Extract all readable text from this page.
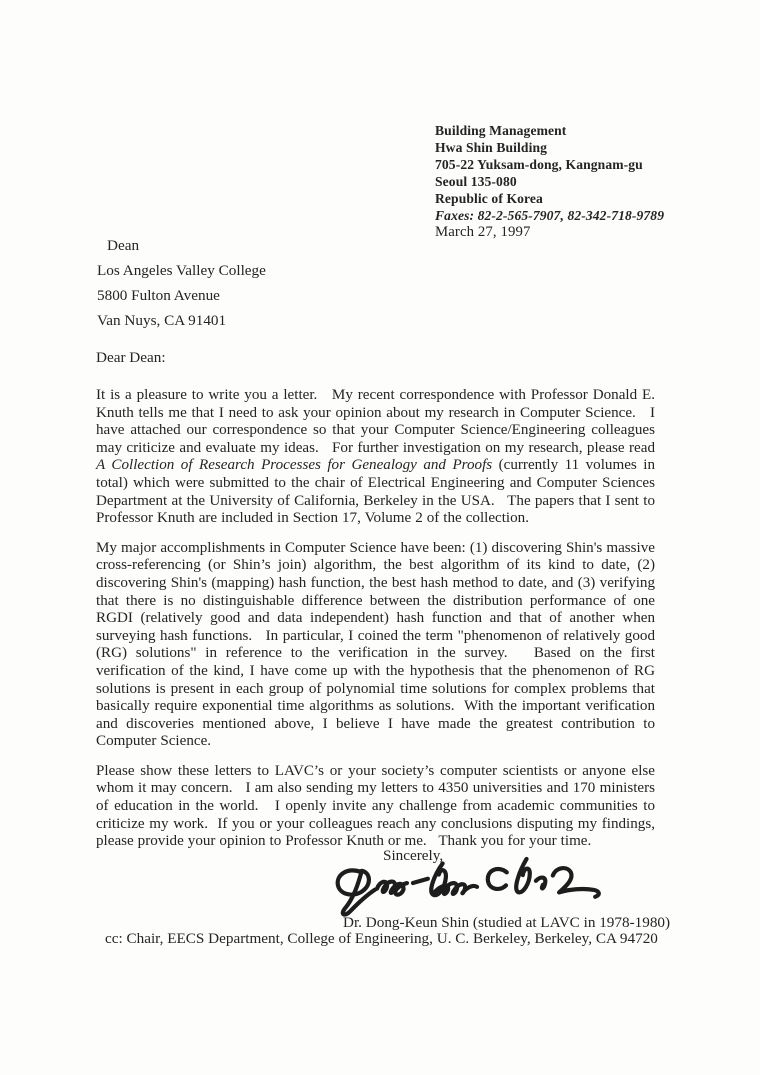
Building Management
Hwa Shin Building
705-22 Yuksam-dong, Kangnam-gu
Seoul 135-080
Republic of Korea
Faxes: 82-2-565-7907, 82-342-718-9789
March 27, 1997
Dean
Los Angeles Valley College
5800 Fulton Avenue
Van Nuys, CA 91401
Dear Dean:

It is a pleasure to write you a letter.   My recent correspondence with Professor Donald E. Knuth tells me that I need to ask your opinion about my research in Computer Science.   I have attached our correspondence so that your Computer Science/Engineering colleagues may criticize and evaluate my ideas.   For further investigation on my research, please read A Collection of Research Processes for Genealogy and Proofs (currently 11 volumes in total) which were submitted to the chair of Electrical Engineering and Computer Sciences Department at the University of California, Berkeley in the USA.   The papers that I sent to Professor Knuth are included in Section 17, Volume 2 of the collection.

My major accomplishments in Computer Science have been: (1) discovering Shin's massive cross-referencing (or Shin’s join) algorithm, the best algorithm of its kind to date, (2) discovering Shin's (mapping) hash function, the best hash method to date, and (3) verifying that there is no distinguishable difference between the distribution performance of one RGDI (relatively good and data independent) hash function and that of another when surveying hash functions.   In particular, I coined the term "phenomenon of relatively good (RG) solutions" in reference to the verification in the survey.   Based on the first verification of the kind, I have come up with the hypothesis that the phenomenon of RG solutions is present in each group of polynomial time solutions for complex problems that basically require exponential time algorithms as solutions.  With the important verification and discoveries mentioned above, I believe I have made the greatest contribution to Computer Science.

Please show these letters to LAVC’s or your society’s computer scientists or anyone else whom it may concern.   I am also sending my letters to 4350 universities and 170 ministers of education in the world.   I openly invite any challenge from academic communities to criticize my work.  If you or your colleagues reach any conclusions disputing my findings, please provide your opinion to Professor Knuth or me.   Thank you for your time.

Sincerely,
Dr. Dong-Keun Shin (studied at LAVC in 1978-1980)
cc: Chair, EECS Department, College of Engineering, U. C. Berkeley, Berkeley, CA 94720
